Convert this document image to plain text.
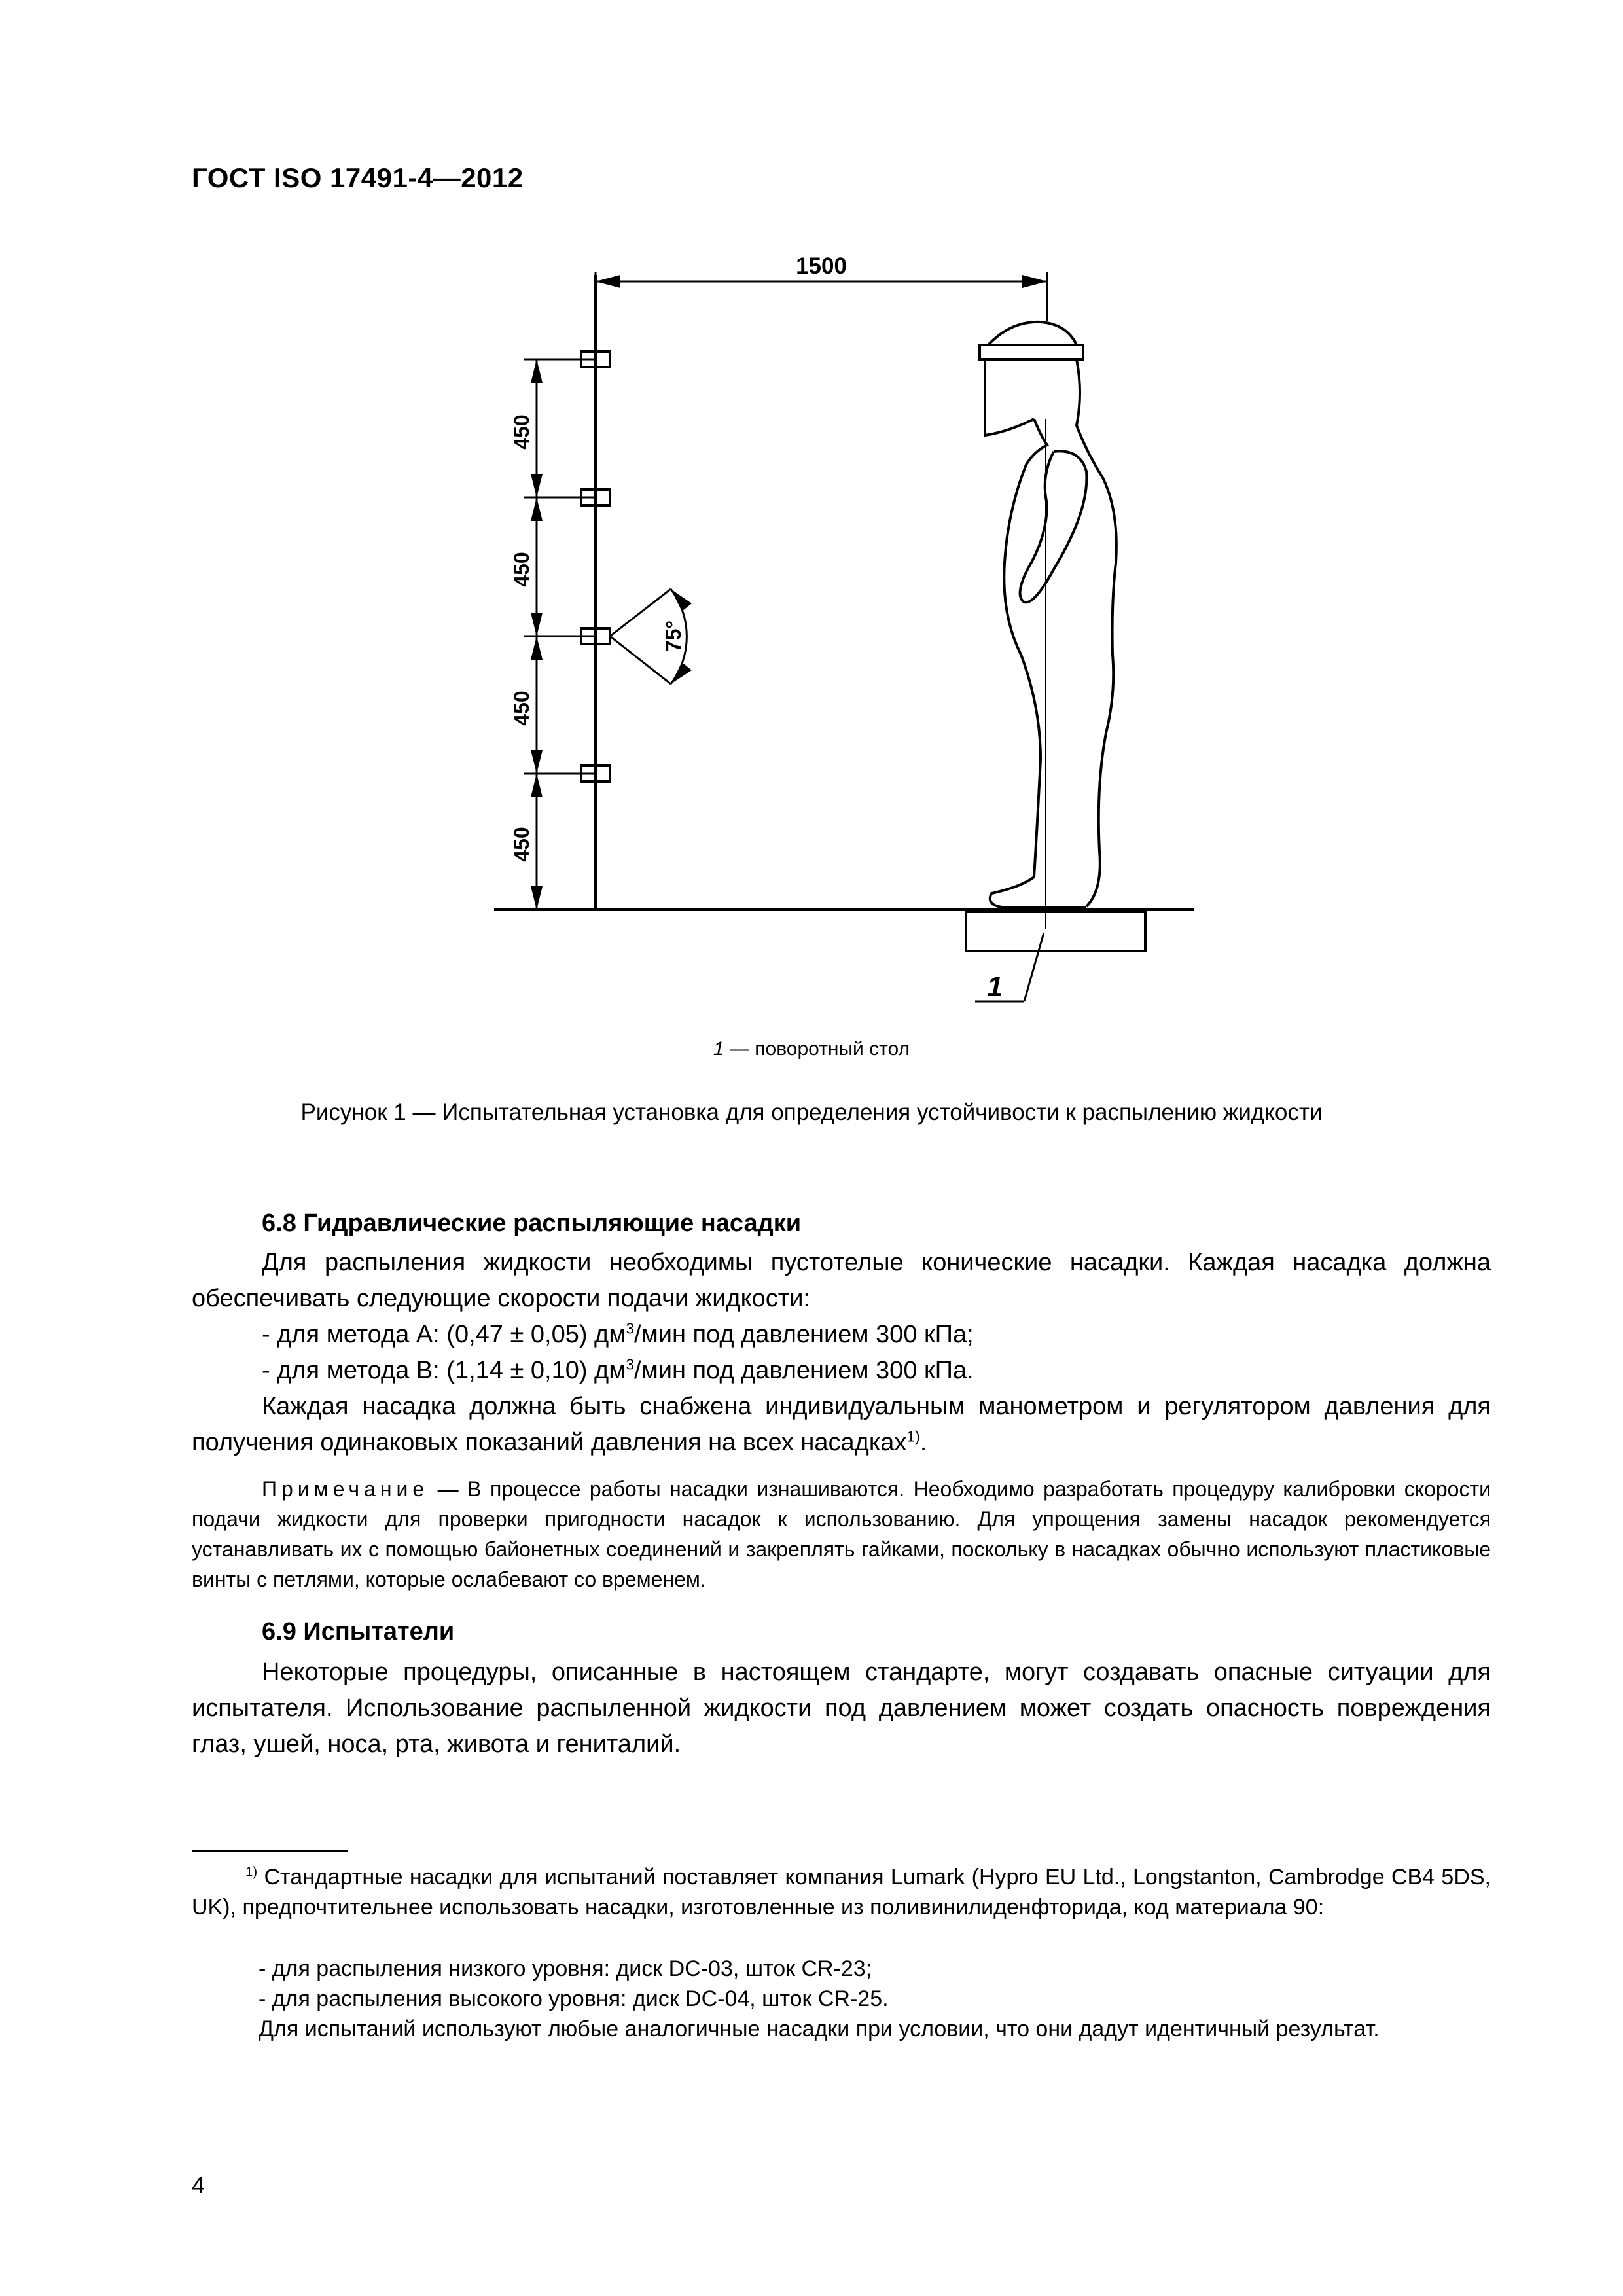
ГОСТ ISO 17491-4—2012
1500
450
450
450
450
75°
1
1 — поворотный стол
Рисунок 1 — Испытательная установка для определения устойчивости к распылению жидкости
6.8 Гидравлические распыляющие насадки

Для распыления жидкости необходимы пустотелые конические насадки. Каждая насадка должна обеспечивать следующие скорости подачи жидкости:

- для метода А: (0,47 ± 0,05) $дм^3$/мин под давлением 300 кПа;

- для метода В: (1,14 ± 0,10) $дм^3$/мин под давлением 300 кПа.

Каждая насадка должна быть снабжена индивидуальным манометром и регулятором давления для получения одинаковых показаний давления на всех насадках$^{1)}$.

Примечание — В процессе работы насадки изнашиваются. Необходимо разработать процедуру калибровки скорости подачи жидкости для проверки пригодности насадок к использованию. Для упрощения замены насадок рекомендуется устанавливать их с помощью байонетных соединений и закреплять гайками, поскольку в насадках обычно используют пластиковые винты с петлями, которые ослабевают со временем.

6.9 Испытатели

Некоторые процедуры, описанные в настоящем стандарте, могут создавать опасные ситуации для испытателя. Использование распыленной жидкости под давлением может создать опасность повреждения глаз, ушей, носа, рта, живота и гениталий.

$^{1)}$ Стандартные насадки для испытаний поставляет компания Lumark (Hypro EU Ltd., Longstanton, Cambrodge CB4 5DS, UK), предпочтительнее использовать насадки, изготовленные из поливинилиденфторида, код материала 90:

- для распыления низкого уровня: диск DC-03, шток CR-23;

- для распыления высокого уровня: диск DC-04, шток CR-25.

Для испытаний используют любые аналогичные насадки при условии, что они дадут идентичный результат.

4
